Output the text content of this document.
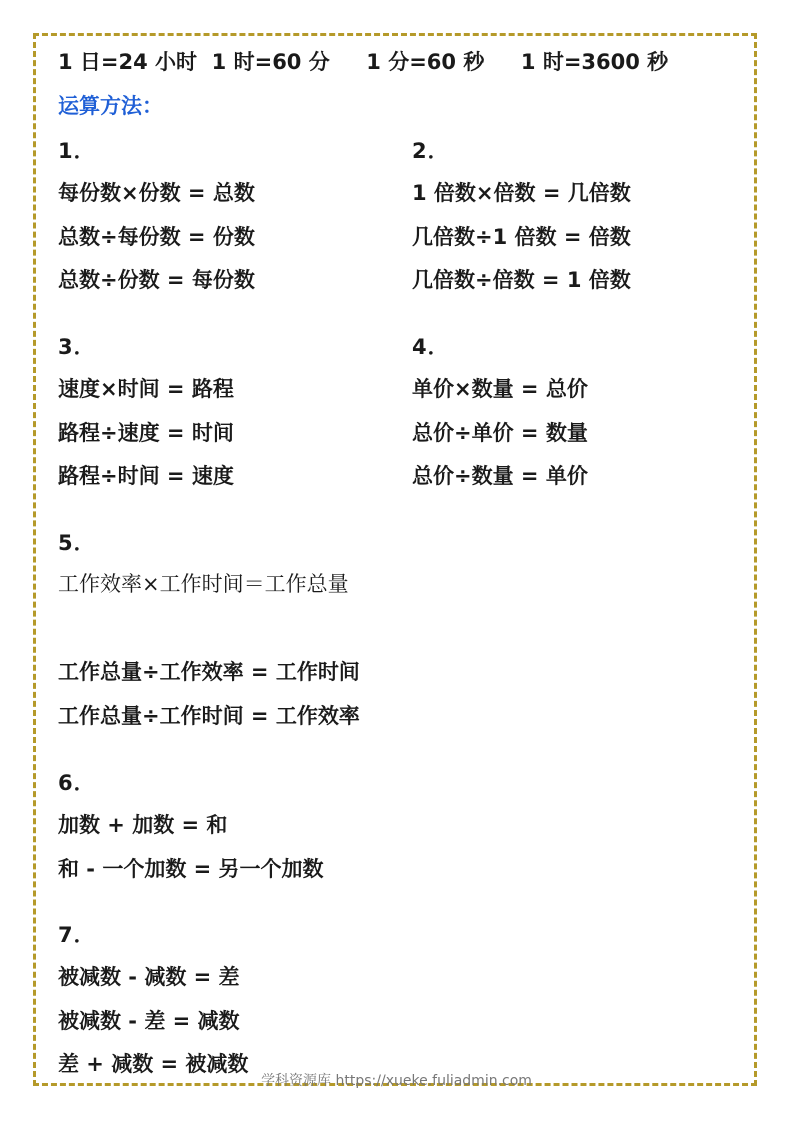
1 日=24 小时  1 时=60 分     1 分=60 秒     1 时=3600 秒
运算方法：
1．
每份数×份数 = 总数
总数÷每份数 = 份数
总数÷份数 = 每份数
2．
1 倍数×倍数 = 几倍数
几倍数÷1 倍数 = 倍数
几倍数÷倍数 = 1 倍数
3．
速度×时间 = 路程
路程÷速度 = 时间
路程÷时间 = 速度
4．
单价×数量 = 总价
总价÷单价 = 数量
总价÷数量 = 单价
5．
工作效率×工作时间＝工作总量
工作总量÷工作效率 = 工作时间
工作总量÷工作时间 = 工作效率
6．
加数 + 加数 = 和
和 - 一个加数 = 另一个加数
7．
被减数 - 减数 = 差
被减数 - 差 = 减数
差 + 减数 = 被减数
学科资源库 https://xueke.fuliadmin.com
